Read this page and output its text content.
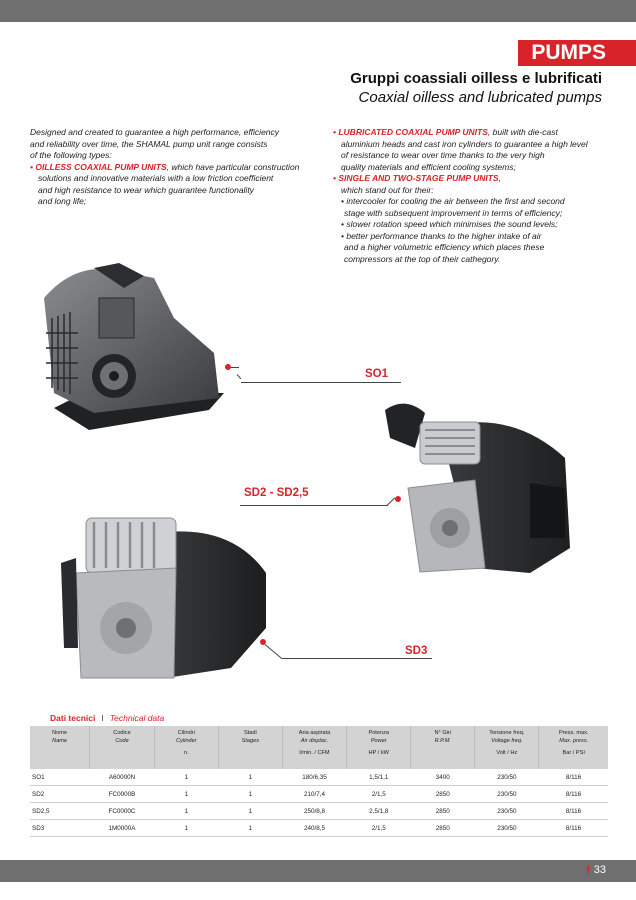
PUMPS
Gruppi coassiali oilless e lubrificati
Coaxial oilless and lubricated pumps

Designed and created to guarantee a high performance, efficiency

and reliability over time, the SHAMAL pump unit range consists

of the following types:

• OILLESS COAXIAL PUMP UNITS, which have particular construction

solutions and innovative materials with a low friction coefficient

and high resistance to wear which guarantee functionality

and long life;

• LUBRICATED COAXIAL PUMP UNITS, built with die-cast

aluminium heads and cast iron cylinders to guarantee a high level

of resistance to wear over time thanks to the very high

quality materials and efficient cooling systems;

• SINGLE AND TWO-STAGE PUMP UNITS,

which stand out for their:

• intercooler for cooling the air between the first and second

stage with subsequent improvement in terms of efficiency;

• slower rotation speed which minimises the sound levels;

• better performance thanks to the higher intake of air

and a higher volumetric efficiency which places these

compressors at the top of their cathegory.

SO1
SD2 - SD2,5
SD3
Dati tecnici I Technical data
Nome
Name	Codice
Code	Cilindri
Cylinder
n.	Stadi
Stages	Aria aspirata
Air displac.
l/min. / CFM	Potenza
Power
HP / kW	N° Giri
R.P.M.	Tensione freq.
Voltage freq.
Volt / Hz	Press. max.
Max. press.
Bar / PSI

SO1	A60000N	1	1	180/6,35	1,5/1,1	3400	230/50	8/116
SD2	FC0000B	1	1	210/7,4	2/1,5	2850	230/50	8/116
SD2,5	FC0000C	1	1	250/8,8	2,5/1,8	2850	230/50	8/116
SD3	1M0000A	1	1	240/8,5	2/1,5	2850	230/50	8/116
I 33
